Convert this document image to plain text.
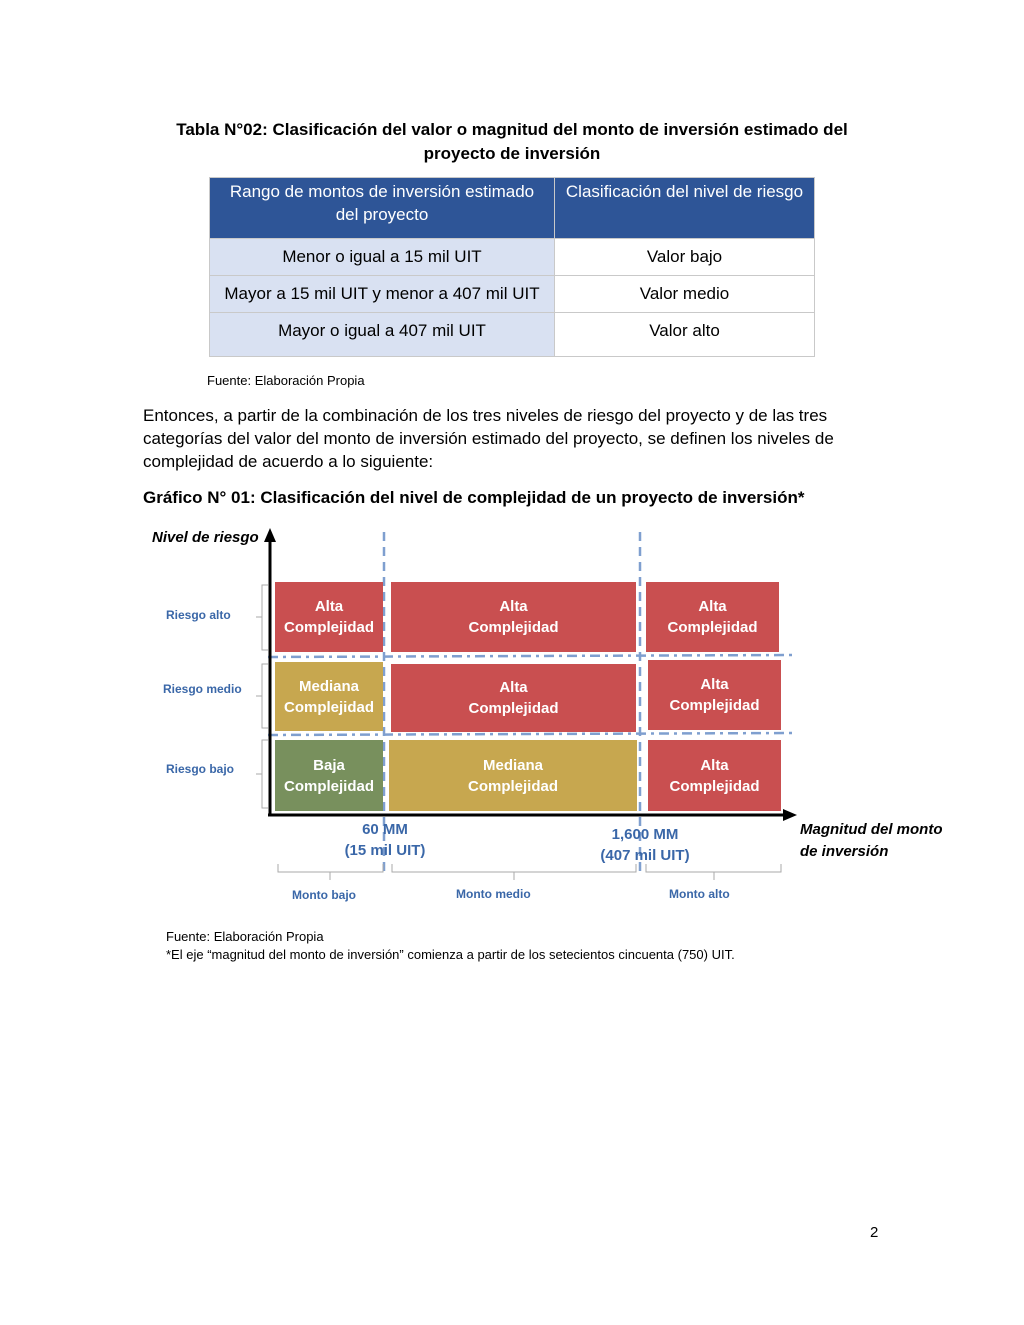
Tabla N°02: Clasificación del valor o magnitud del monto de inversión estimado del
proyecto de inversión
Rango de montos de inversión estimado del proyecto	Clasificación del nivel de riesgo
Menor o igual a 15 mil UIT	Valor bajo
Mayor a 15 mil UIT y menor a 407 mil UIT	Valor medio
Mayor o igual a 407 mil UIT	Valor alto
Fuente: Elaboración Propia
Entonces, a partir de la combinación de los tres niveles de riesgo del proyecto y de las tres categorías del valor del monto de inversión estimado del proyecto, se definen los niveles de complejidad de acuerdo a lo siguiente:
Gráfico N° 01: Clasificación del nivel de complejidad de un proyecto de inversión*
Nivel de riesgo
Magnitud del monto
de inversión
Riesgo alto
Riesgo medio
Riesgo bajo
Alta
Complejidad
Alta
Complejidad
Alta
Complejidad
Mediana
Complejidad
Alta
Complejidad
Alta
Complejidad
Baja
Complejidad
Mediana
Complejidad
Alta
Complejidad
60 MM
(15 mil UIT)
1,600 MM
(407 mil UIT)
Monto bajo	Monto medio	Monto alto
Fuente: Elaboración Propia
*El eje “magnitud del monto de inversión” comienza a partir de los setecientos cincuenta (750) UIT.
2
